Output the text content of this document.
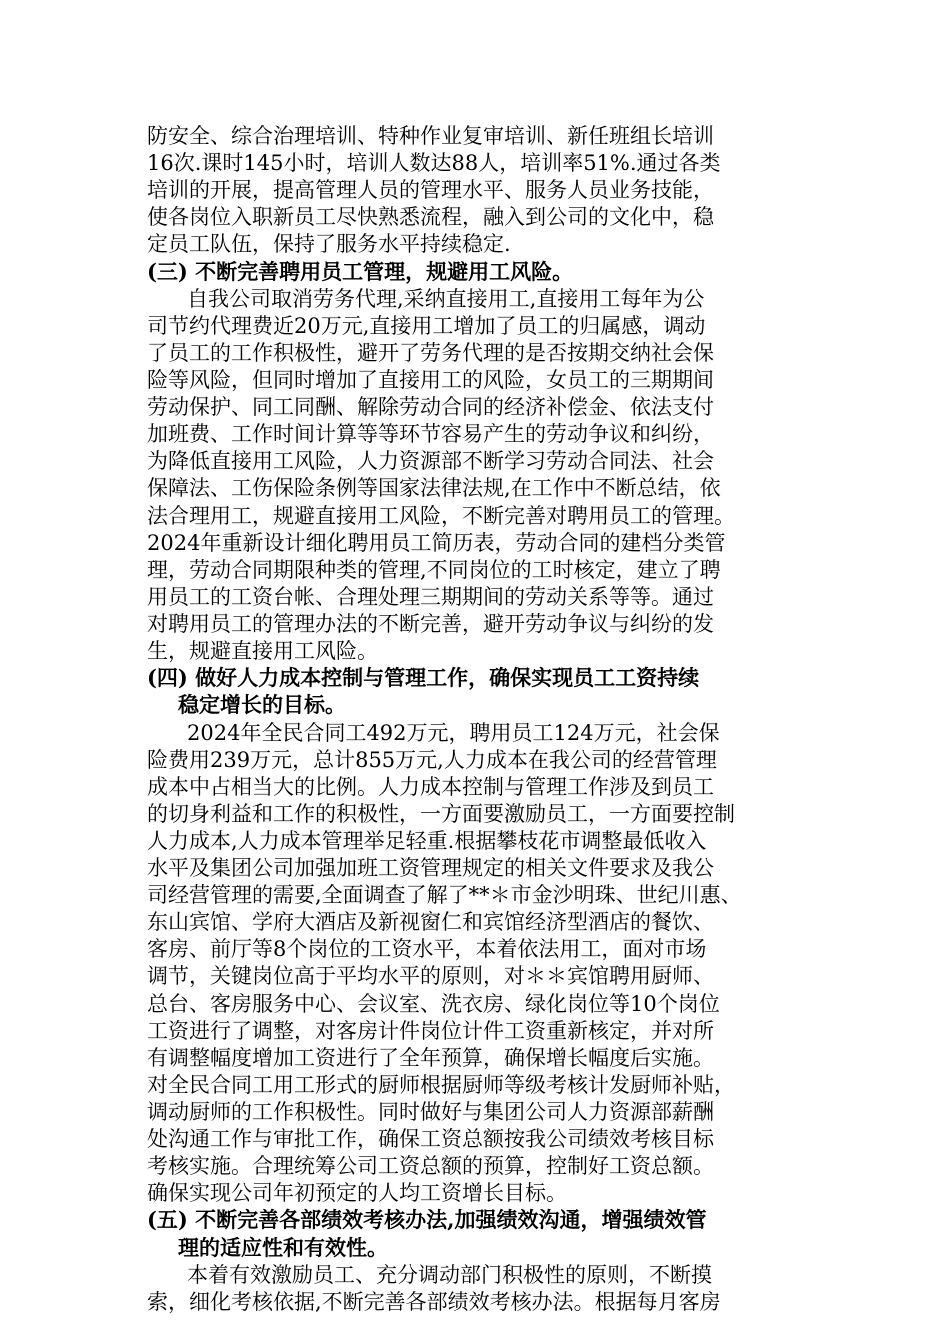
防安全、综合治理培训、特种作业复审培训、新任班组长培训
16次.课时145小时，培训人数达88人，培训率51%.通过各类
培训的开展，提高管理人员的管理水平、服务人员业务技能，
使各岗位入职新员工尽快熟悉流程，融入到公司的文化中，稳
定员工队伍，保持了服务水平持续稳定.
(三) 不断完善聘用员工管理，规避用工风险。
自我公司取消劳务代理,采纳直接用工,直接用工每年为公
司节约代理费近20万元,直接用工增加了员工的归属感，调动
了员工的工作积极性，避开了劳务代理的是否按期交纳社会保
险等风险，但同时增加了直接用工的风险，女员工的三期期间
劳动保护、同工同酬、解除劳动合同的经济补偿金、依法支付
加班费、工作时间计算等等环节容易产生的劳动争议和纠纷，
为降低直接用工风险，人力资源部不断学习劳动合同法、社会
保障法、工伤保险条例等国家法律法规,在工作中不断总结，依
法合理用工，规避直接用工风险，不断完善对聘用员工的管理。
2024年重新设计细化聘用员工简历表，劳动合同的建档分类管
理，劳动合同期限种类的管理,不同岗位的工时核定，建立了聘
用员工的工资台帐、合理处理三期期间的劳动关系等等。通过
对聘用员工的管理办法的不断完善，避开劳动争议与纠纷的发
生，规避直接用工风险。
(四) 做好人力成本控制与管理工作，确保实现员工工资持续
稳定增长的目标。
2024年全民合同工492万元，聘用员工124万元，社会保
险费用239万元，总计855万元,人力成本在我公司的经营管理
成本中占相当大的比例。人力成本控制与管理工作涉及到员工
的切身利益和工作的积极性，一方面要激励员工，一方面要控制
人力成本,人力成本管理举足轻重.根据攀枝花市调整最低收入
水平及集团公司加强加班工资管理规定的相关文件要求及我公
司经营管理的需要,全面调查了解了**＊市金沙明珠、世纪川惠、
东山宾馆、学府大酒店及新视窗仁和宾馆经济型酒店的餐饮、
客房、前厅等8个岗位的工资水平，本着依法用工，面对市场
调节，关键岗位高于平均水平的原则，对＊＊宾馆聘用厨师、
总台、客房服务中心、会议室、洗衣房、绿化岗位等10个岗位
工资进行了调整，对客房计件岗位计件工资重新核定，并对所
有调整幅度增加工资进行了全年预算，确保增长幅度后实施。
对全民合同工用工形式的厨师根据厨师等级考核计发厨师补贴，
调动厨师的工作积极性。同时做好与集团公司人力资源部薪酬
处沟通工作与审批工作，确保工资总额按我公司绩效考核目标
考核实施。合理统筹公司工资总额的预算，控制好工资总额。
确保实现公司年初预定的人均工资增长目标。
(五) 不断完善各部绩效考核办法,加强绩效沟通，增强绩效管
理的适应性和有效性。
本着有效激励员工、充分调动部门积极性的原则，不断摸
索，细化考核依据,不断完善各部绩效考核办法。根据每月客房
